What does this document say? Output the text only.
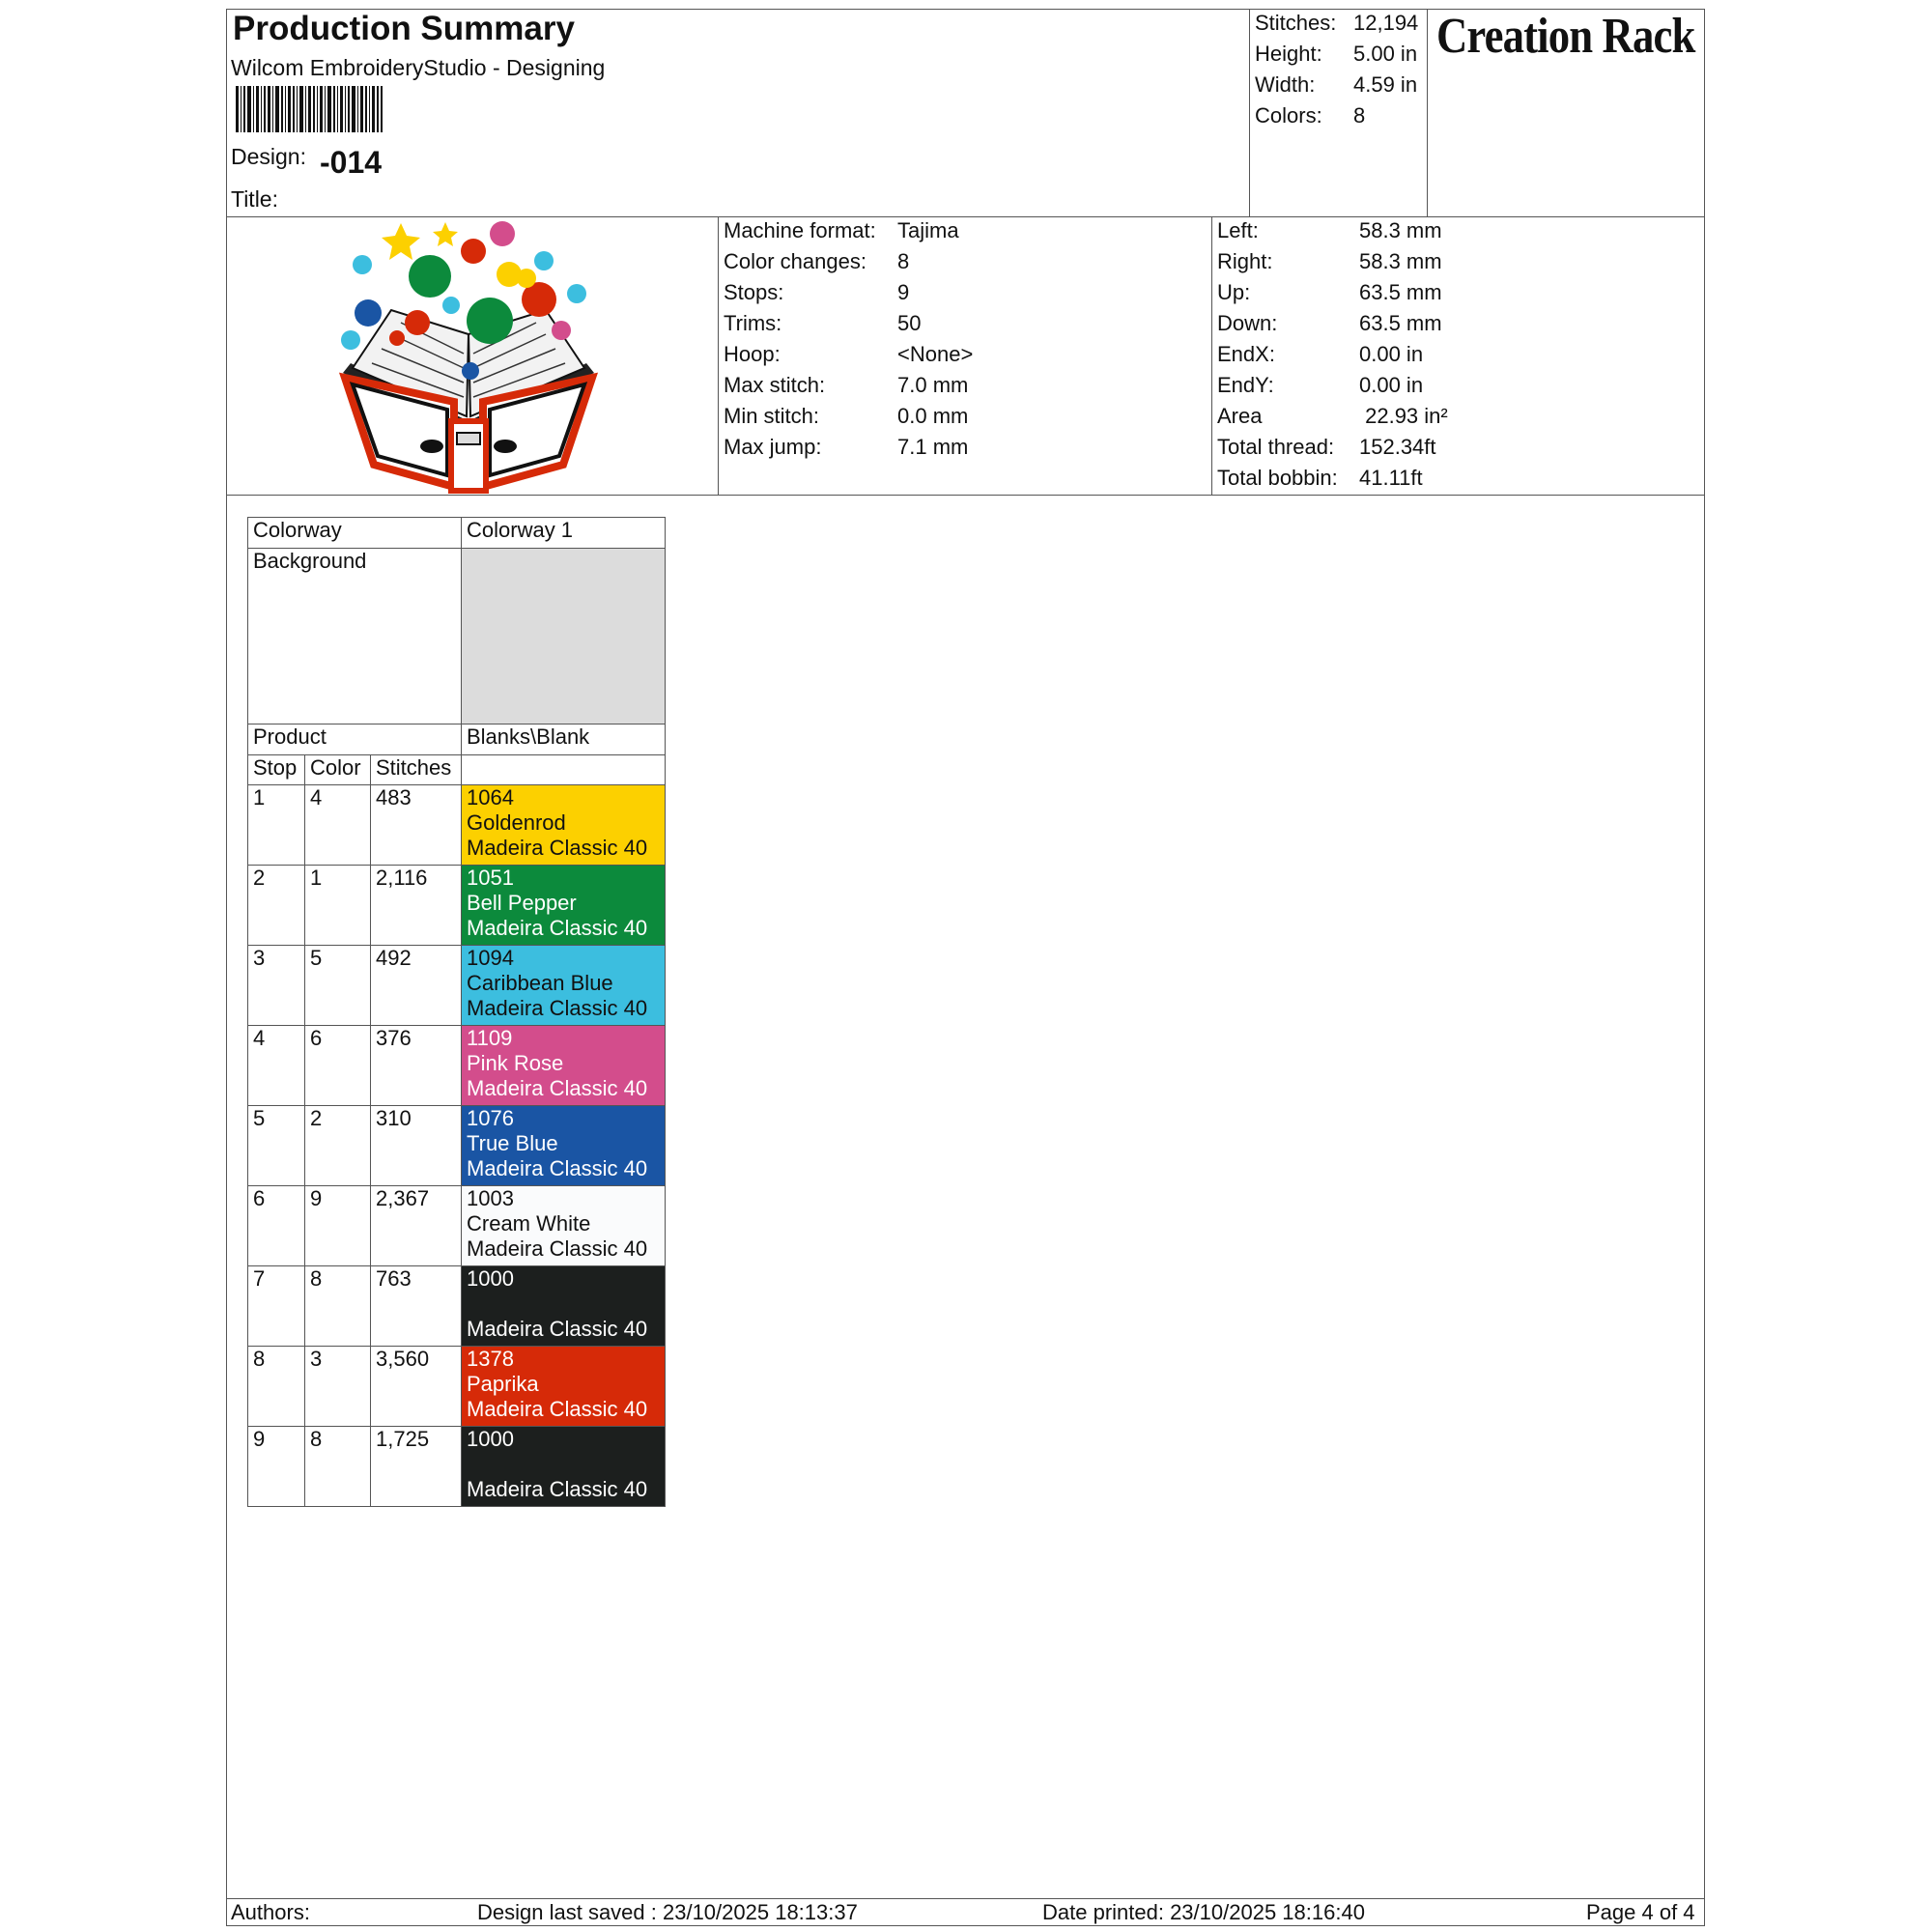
Production Summary
Wilcom EmbroideryStudio - Designing
Design: -014
Title:
Stitches: 12,194
Height: 5.00 in
Width: 4.59 in
Colors: 8
Creation Rack
Machine format: Tajima
Color changes: 8
Stops:	9
Trims:	50
Hoop:	<None>
Max stitch:	7.0 mm
Min stitch:	0.0 mm
Max jump:	7.1 mm
Left:	58.3 mm
Right:	58.3 mm
Up:	63.5 mm
Down:	63.5 mm
EndX:	0.00 in
EndY:	0.00 in
Area	22.93 in²
Total thread: 152.34ft
Total bobbin: 41.11ft
Colorway			Colorway 1
Background			
Product			Blanks\Blank
Stop	Color	Stitches	
1	4	483	1064
Goldenrod
Madeira Classic 40

2	1	2,116	1051
Bell Pepper
Madeira Classic 40

3	5	492	1094
Caribbean Blue
Madeira Classic 40

4	6	376	1109
Pink Rose
Madeira Classic 40

5	2	310	1076
True Blue
Madeira Classic 40

6	9	2,367	1003
Cream White
Madeira Classic 40

7	8	763	1000
Madeira Classic 40

8	3	3,560	1378
Paprika
Madeira Classic 40

9	8	1,725	1000
Madeira Classic 40
Authors:	Design last saved : 23/10/2025 18:13:37	Date printed: 23/10/2025 18:16:40	Page 4 of 4
